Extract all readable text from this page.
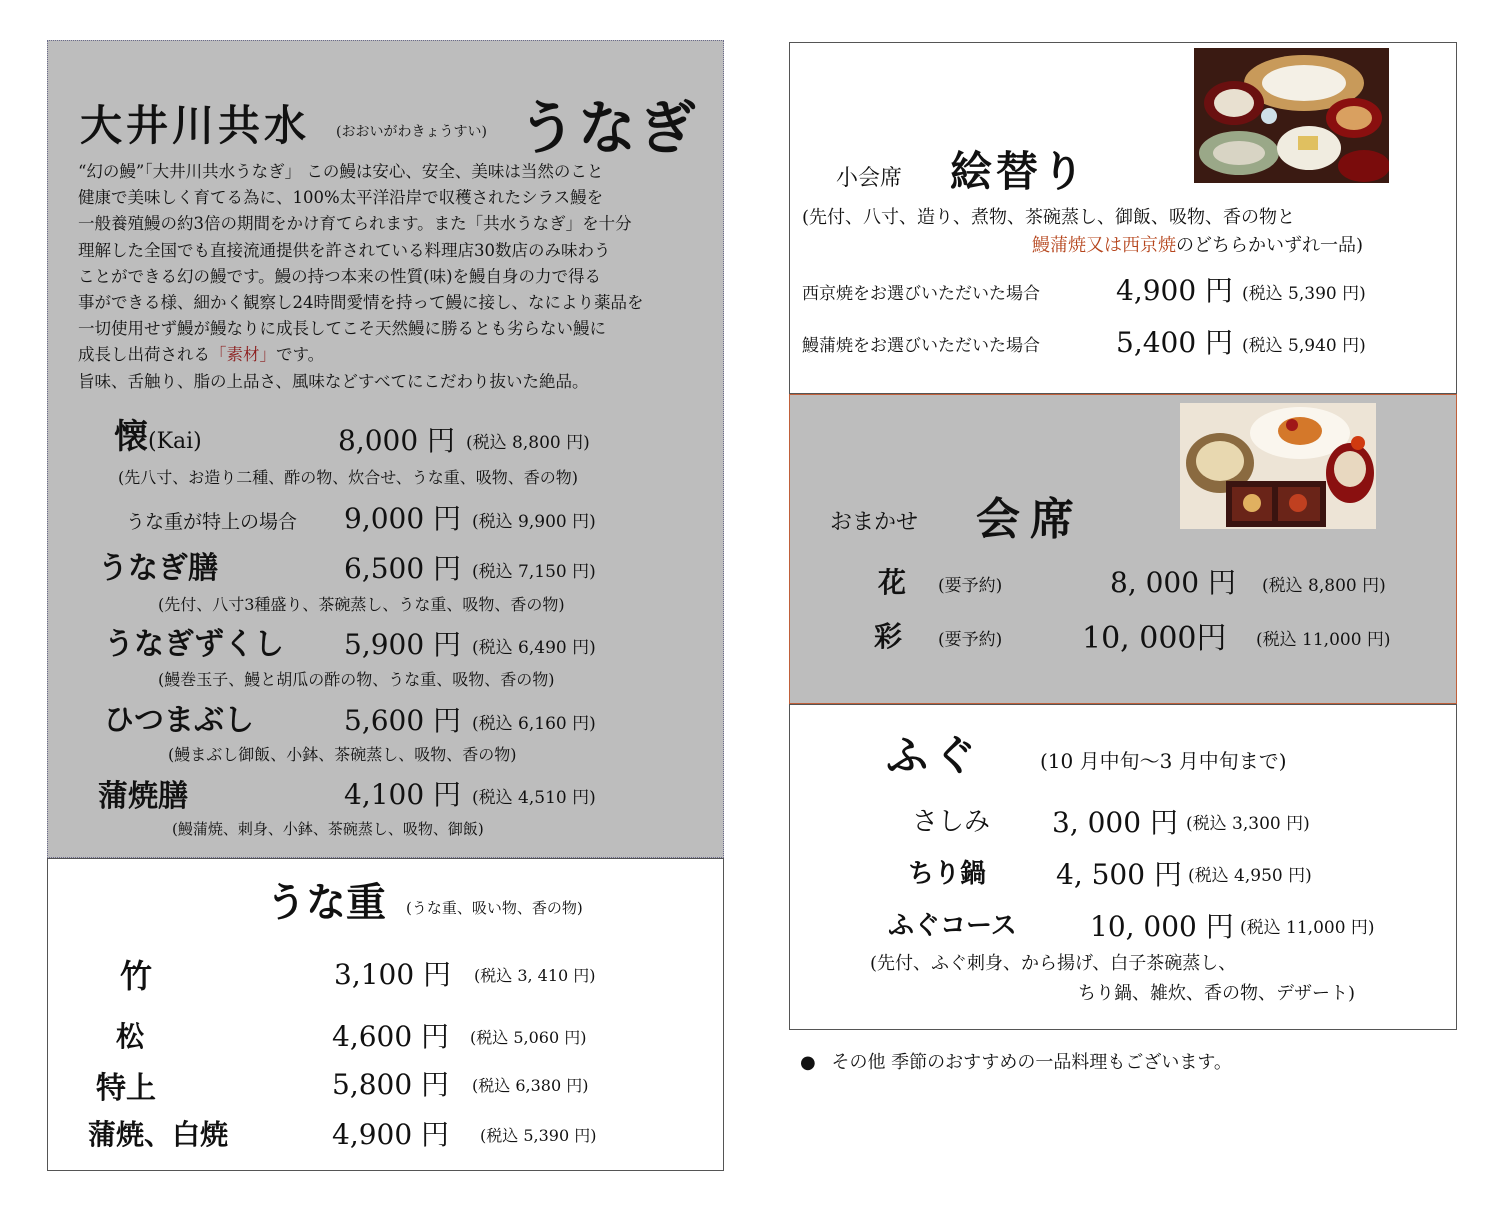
大井川共水 (おおいがわきょうすい) うなぎ
“幻の鰻”「大井川共水うなぎ」 この鰻は安心、安全、美味は当然のこと
健康で美味しく育てる為に、100%太平洋沿岸で収穫されたシラス鰻を
一般養殖鰻の約3倍の期間をかけ育てられます。また「共水うなぎ」を十分
理解した全国でも直接流通提供を許されている料理店30数店のみ味わう
ことができる幻の鰻です。鰻の持つ本来の性質(味)を鰻自身の力で得る
事ができる様、細かく観察し24時間愛情を持って鰻に接し、なにより薬品を
一切使用せず鰻が鰻なりに成長してこそ天然鰻に勝るとも劣らない鰻に
成長し出荷される「素材」です。
旨味、舌触り、脂の上品さ、風味などすべてにこだわり抜いた絶品。
懐(Kai)	8,000 円 (税込 8,800 円)
(先八寸、お造り二種、酢の物、炊合せ、うな重、吸物、香の物)
うな重が特上の場合 9,000 円 (税込 9,900 円)
うなぎ膳	6,500 円 (税込 7,150 円)
(先付、八寸3種盛り、茶碗蒸し、うな重、吸物、香の物)
うなぎずくし 5,900 円 (税込 6,490 円)
(鰻巻玉子、鰻と胡瓜の酢の物、うな重、吸物、香の物)
ひつまぶし	5,600 円 (税込 6,160 円)
(鰻まぶし御飯、小鉢、茶碗蒸し、吸物、香の物)
蒲焼膳	4,100 円 (税込 4,510 円)
(鰻蒲焼、刺身、小鉢、茶碗蒸し、吸物、御飯)
うな重 (うな重、吸い物、香の物)
竹	3,100 円 (税込 3, 410 円)
松	4,600 円 (税込 5,060 円)
特上	5,800 円 (税込 6,380 円)
蒲焼、白焼	4,900 円 (税込 5,390 円)
小会席 絵替り
(先付、八寸、造り、煮物、茶碗蒸し、御飯、吸物、香の物と
鰻蒲焼又は西京焼のどちらかいずれ一品)
西京焼をお選びいただいた場合	4,900 円 (税込 5,390 円)
鰻蒲焼をお選びいただいた場合	5,400 円 (税込 5,940 円)
おまかせ 会席
花 (要予約)	8, 000 円 (税込 8,800 円)
彩 (要予約)	10, 000円 (税込 11,000 円)
ふぐ	(10 月中旬～3 月中旬まで)
さしみ 3, 000 円 (税込 3,300 円)
ちり鍋 4, 500 円 (税込 4,950 円)
ふぐコース	10, 000 円 (税込 11,000 円)
(先付、ふぐ刺身、から揚げ、白子茶碗蒸し、
ちり鍋、雑炊、香の物、デザート)
● その他 季節のおすすめの一品料理もございます。
